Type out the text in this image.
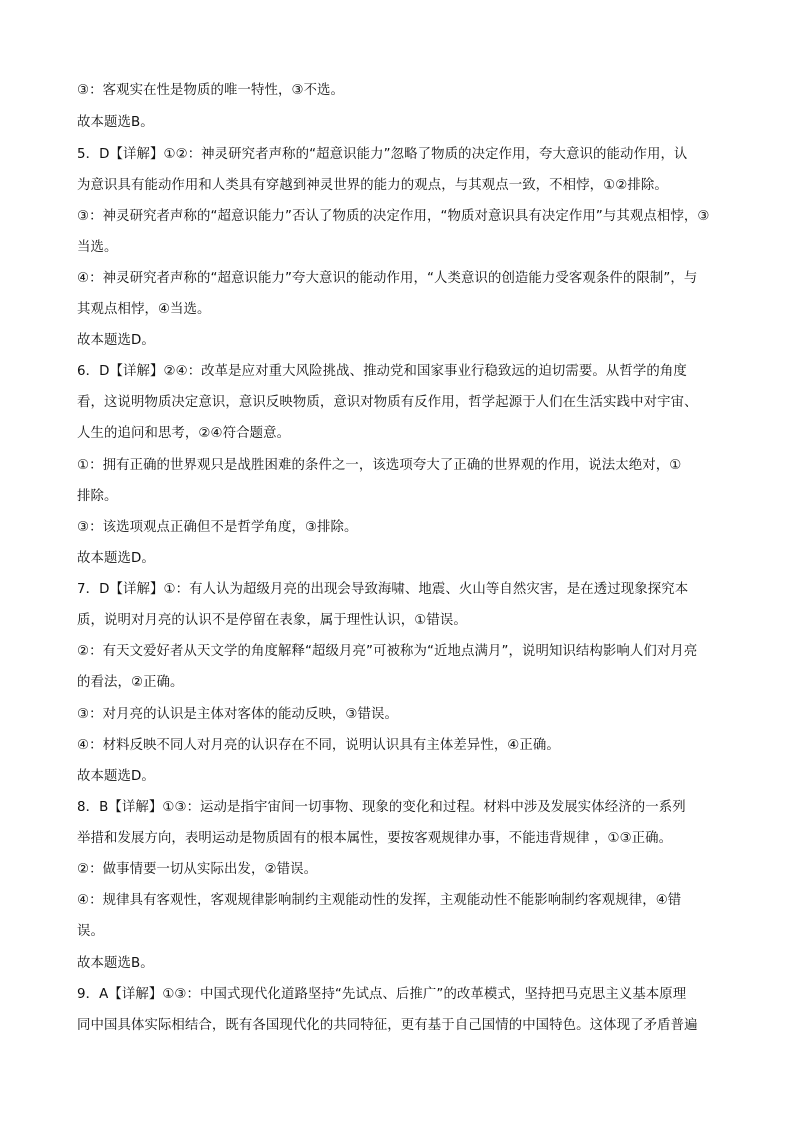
③：客观实在性是物质的唯一特性，③不选。
故本题选B。
5．D【详解】①②：神灵研究者声称的“超意识能力”忽略了物质的决定作用，夸大意识的能动作用，认
为意识具有能动作用和人类具有穿越到神灵世界的能力的观点，与其观点一致，不相悖，①②排除。
③：神灵研究者声称的“超意识能力”否认了物质的决定作用，“物质对意识具有决定作用”与其观点相悖，③
当选。
④：神灵研究者声称的“超意识能力”夸大意识的能动作用，“人类意识的创造能力受客观条件的限制”，与
其观点相悖，④当选。
故本题选D。
6．D【详解】②④：改革是应对重大风险挑战、推动党和国家事业行稳致远的迫切需要。从哲学的角度
看，这说明物质决定意识，意识反映物质，意识对物质有反作用，哲学起源于人们在生活实践中对宇宙、
人生的追问和思考，②④符合题意。
①：拥有正确的世界观只是战胜困难的条件之一，该选项夸大了正确的世界观的作用，说法太绝对，①
排除。
③：该选项观点正确但不是哲学角度，③排除。
故本题选D。
7．D【详解】①：有人认为超级月亮的出现会导致海啸、地震、火山等自然灾害，是在透过现象探究本
质，说明对月亮的认识不是停留在表象，属于理性认识，①错误。
②：有天文爱好者从天文学的角度解释“超级月亮”可被称为“近地点满月”，说明知识结构影响人们对月亮
的看法，②正确。
③：对月亮的认识是主体对客体的能动反映，③错误。
④：材料反映不同人对月亮的认识存在不同，说明认识具有主体差异性，④正确。
故本题选D。
8．B【详解】①③：运动是指宇宙间一切事物、现象的变化和过程。材料中涉及发展实体经济的一系列
举措和发展方向，表明运动是物质固有的根本属性，要按客观规律办事，不能违背规律 ，①③正确。
②：做事情要一切从实际出发，②错误。
④：规律具有客观性，客观规律影响制约主观能动性的发挥，主观能动性不能影响制约客观规律，④错
误。
故本题选B。
9．A【详解】①③：中国式现代化道路坚持“先试点、后推广”的改革模式，坚持把马克思主义基本原理
同中国具体实际相结合，既有各国现代化的共同特征，更有基于自己国情的中国特色。这体现了矛盾普遍
